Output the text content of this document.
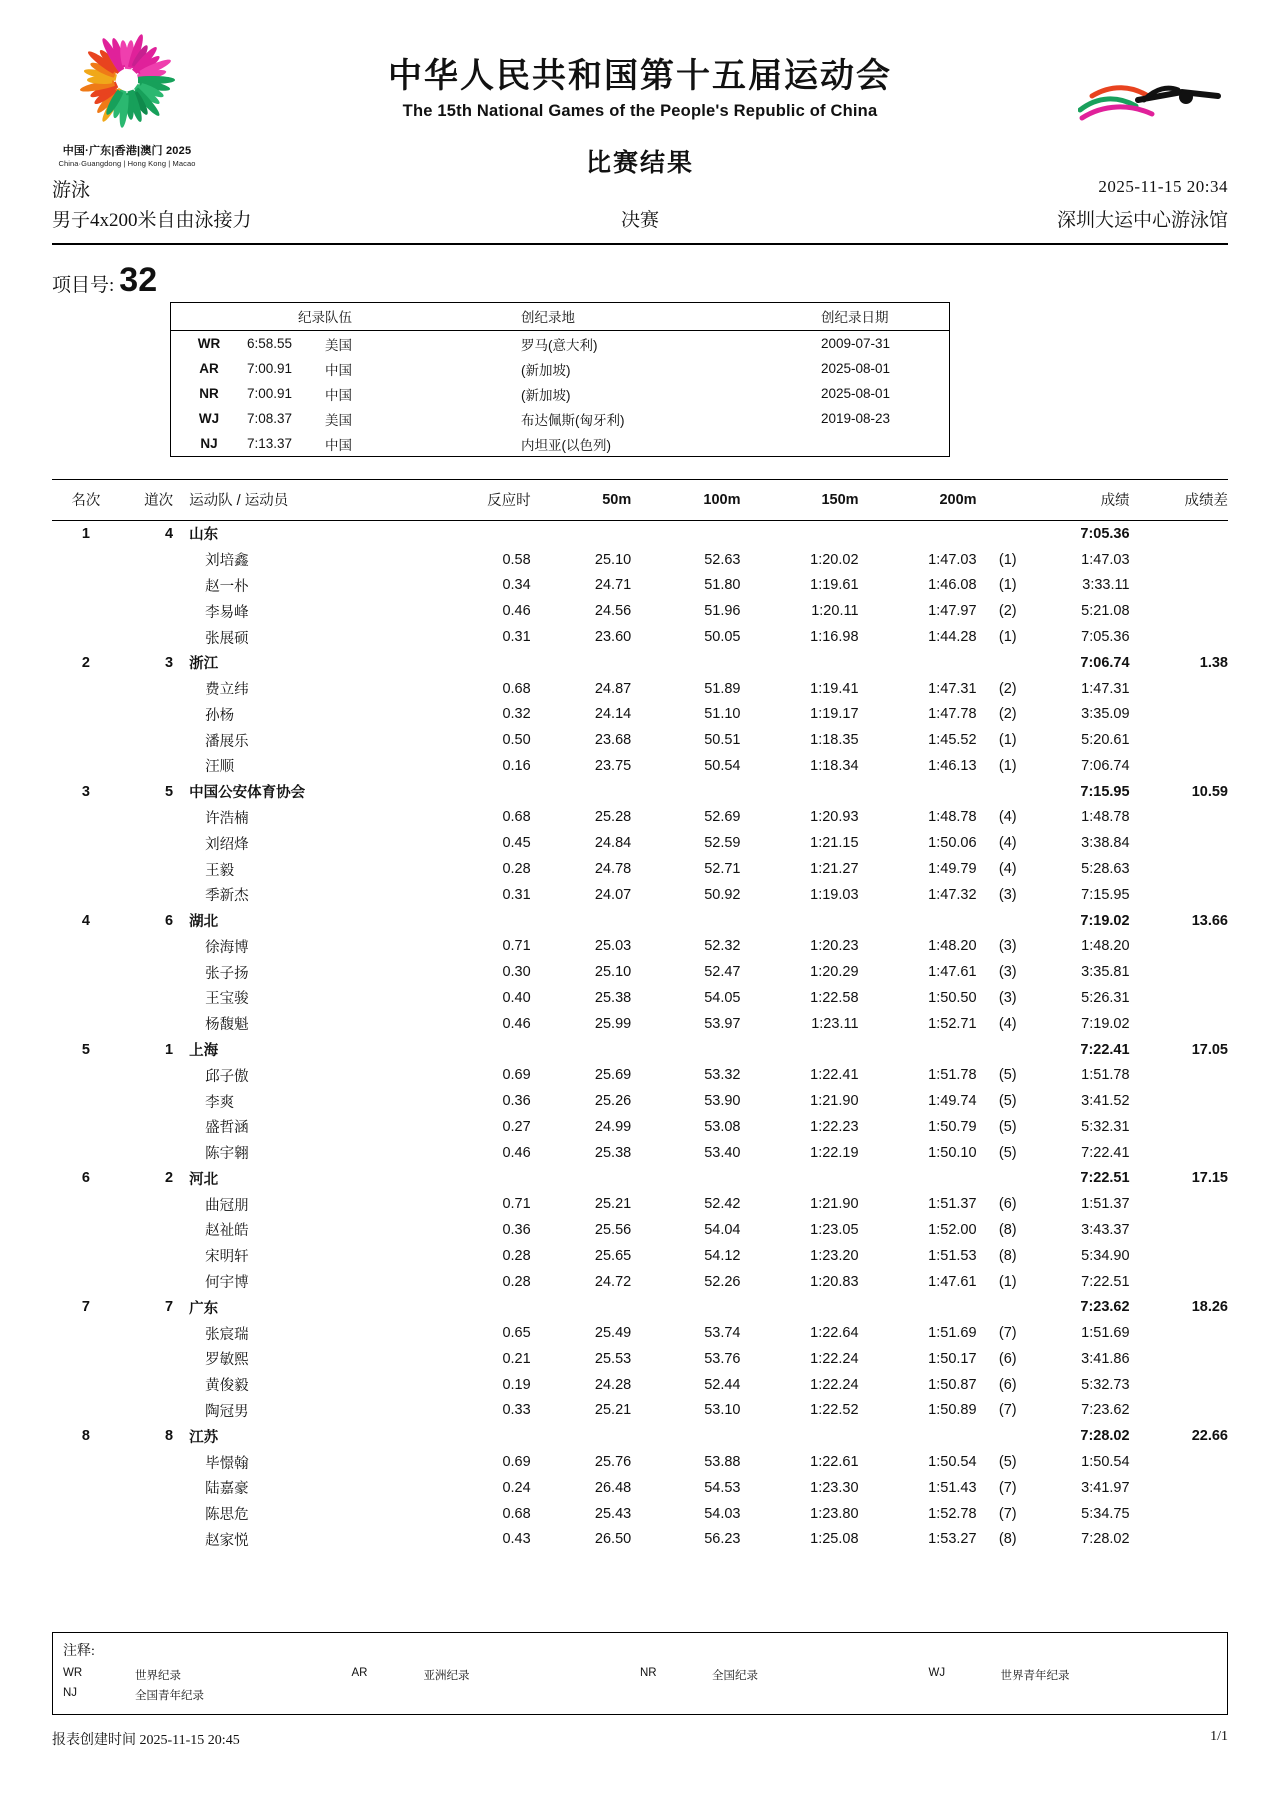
中国·广东|香港|澳门 2025
China·Guangdong | Hong Kong | Macao
中华人民共和国第十五届运动会
The 15th National Games of the People's Republic of China
比赛结果
游泳	2025-11-15 20:34
男子4x200米自由泳接力	决赛	深圳大运中心游泳馆
项目号: 32
	纪录	队伍	创纪录地	创纪录日期
WR	6:58.55	美国	罗马(意大利)	2009-07-31
AR	7:00.91	中国	(新加坡)	2025-08-01
NR	7:00.91	中国	(新加坡)	2025-08-01
WJ	7:08.37	美国	布达佩斯(匈牙利)	2019-08-23
NJ	7:13.37	中国	内坦亚(以色列)	
名次	道次	运动队 / 运动员	反应时	50m	100m	150m	200m		成绩	成绩差
1	4	山东							7:05.36	
		刘培鑫	0.58	25.10	52.63	1:20.02	1:47.03	(1)	1:47.03	
		赵一朴	0.34	24.71	51.80	1:19.61	1:46.08	(1)	3:33.11	
		李易峰	0.46	24.56	51.96	1:20.11	1:47.97	(2)	5:21.08	
		张展硕	0.31	23.60	50.05	1:16.98	1:44.28	(1)	7:05.36	
2	3	浙江							7:06.74	1.38
		费立纬	0.68	24.87	51.89	1:19.41	1:47.31	(2)	1:47.31	
		孙杨	0.32	24.14	51.10	1:19.17	1:47.78	(2)	3:35.09	
		潘展乐	0.50	23.68	50.51	1:18.35	1:45.52	(1)	5:20.61	
		汪顺	0.16	23.75	50.54	1:18.34	1:46.13	(1)	7:06.74	
3	5	中国公安体育协会							7:15.95	10.59
		许浩楠	0.68	25.28	52.69	1:20.93	1:48.78	(4)	1:48.78	
		刘绍烽	0.45	24.84	52.59	1:21.15	1:50.06	(4)	3:38.84	
		王毅	0.28	24.78	52.71	1:21.27	1:49.79	(4)	5:28.63	
		季新杰	0.31	24.07	50.92	1:19.03	1:47.32	(3)	7:15.95	
4	6	湖北							7:19.02	13.66
		徐海博	0.71	25.03	52.32	1:20.23	1:48.20	(3)	1:48.20	
		张子扬	0.30	25.10	52.47	1:20.29	1:47.61	(3)	3:35.81	
		王宝骏	0.40	25.38	54.05	1:22.58	1:50.50	(3)	5:26.31	
		杨馥魁	0.46	25.99	53.97	1:23.11	1:52.71	(4)	7:19.02	
5	1	上海							7:22.41	17.05
		邱子傲	0.69	25.69	53.32	1:22.41	1:51.78	(5)	1:51.78	
		李爽	0.36	25.26	53.90	1:21.90	1:49.74	(5)	3:41.52	
		盛哲涵	0.27	24.99	53.08	1:22.23	1:50.79	(5)	5:32.31	
		陈宇翱	0.46	25.38	53.40	1:22.19	1:50.10	(5)	7:22.41	
6	2	河北							7:22.51	17.15
		曲冠朋	0.71	25.21	52.42	1:21.90	1:51.37	(6)	1:51.37	
		赵祉皓	0.36	25.56	54.04	1:23.05	1:52.00	(8)	3:43.37	
		宋明轩	0.28	25.65	54.12	1:23.20	1:51.53	(8)	5:34.90	
		何宇博	0.28	24.72	52.26	1:20.83	1:47.61	(1)	7:22.51	
7	7	广东							7:23.62	18.26
		张宸瑞	0.65	25.49	53.74	1:22.64	1:51.69	(7)	1:51.69	
		罗敏熙	0.21	25.53	53.76	1:22.24	1:50.17	(6)	3:41.86	
		黄俊毅	0.19	24.28	52.44	1:22.24	1:50.87	(6)	5:32.73	
		陶冠男	0.33	25.21	53.10	1:22.52	1:50.89	(7)	7:23.62	
8	8	江苏							7:28.02	22.66
		毕憬翰	0.69	25.76	53.88	1:22.61	1:50.54	(5)	1:50.54	
		陆嘉豪	0.24	26.48	54.53	1:23.30	1:51.43	(7)	3:41.97	
		陈思危	0.68	25.43	54.03	1:23.80	1:52.78	(7)	5:34.75	
		赵家悦	0.43	26.50	56.23	1:25.08	1:53.27	(8)	7:28.02	
注释:
WR	世界纪录	AR	亚洲纪录	NR	全国纪录	WJ	世界青年纪录
NJ	全国青年纪录
报表创建时间 2025-11-15 20:45	1/1
